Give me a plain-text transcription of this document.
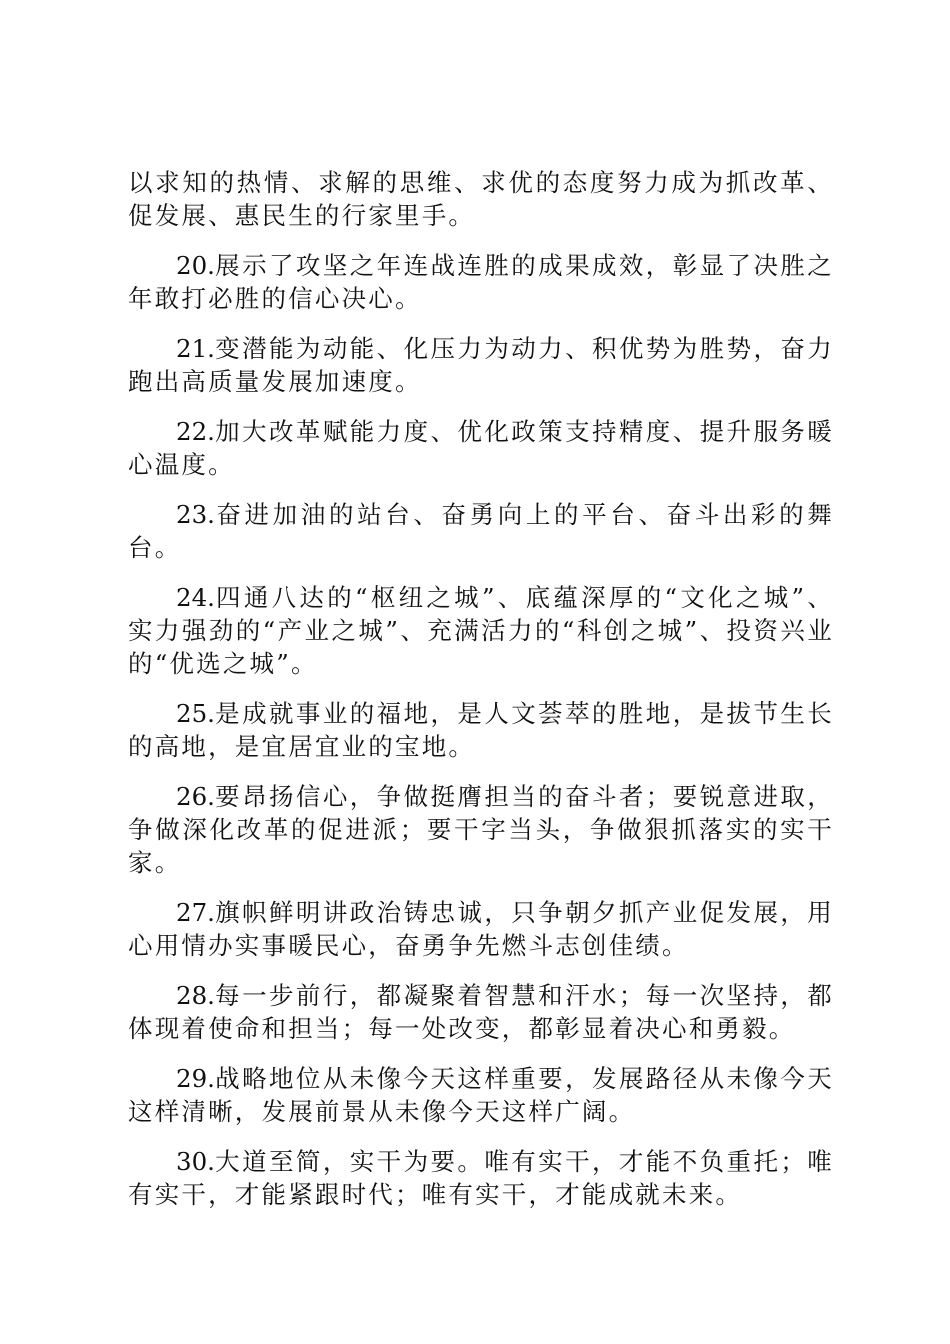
以求知的热情、求解的思维、求优的态度努力成为抓改革、促发展、惠民生的行家里手。

20.展示了攻坚之年连战连胜的成果成效，彰显了决胜之年敢打必胜的信心决心。

21.变潜能为动能、化压力为动力、积优势为胜势，奋力跑出高质量发展加速度。

22.加大改革赋能力度、优化政策支持精度、提升服务暖心温度。

23.奋进加油的站台、奋勇向上的平台、奋斗出彩的舞台。

24.四通八达的“枢纽之城”、底蕴深厚的“文化之城”、实力强劲的“产业之城”、充满活力的“科创之城”、投资兴业的“优选之城”。

25.是成就事业的福地，是人文荟萃的胜地，是拔节生长的高地，是宜居宜业的宝地。

26.要昂扬信心，争做挺膺担当的奋斗者；要锐意进取，争做深化改革的促进派；要干字当头，争做狠抓落实的实干家。

27.旗帜鲜明讲政治铸忠诚，只争朝夕抓产业促发展，用心用情办实事暖民心，奋勇争先燃斗志创佳绩。

28.每一步前行，都凝聚着智慧和汗水；每一次坚持，都体现着使命和担当；每一处改变，都彰显着决心和勇毅。

29.战略地位从未像今天这样重要，发展路径从未像今天这样清晰，发展前景从未像今天这样广阔。

30.大道至简，实干为要。唯有实干，才能不负重托；唯有实干，才能紧跟时代；唯有实干，才能成就未来。
